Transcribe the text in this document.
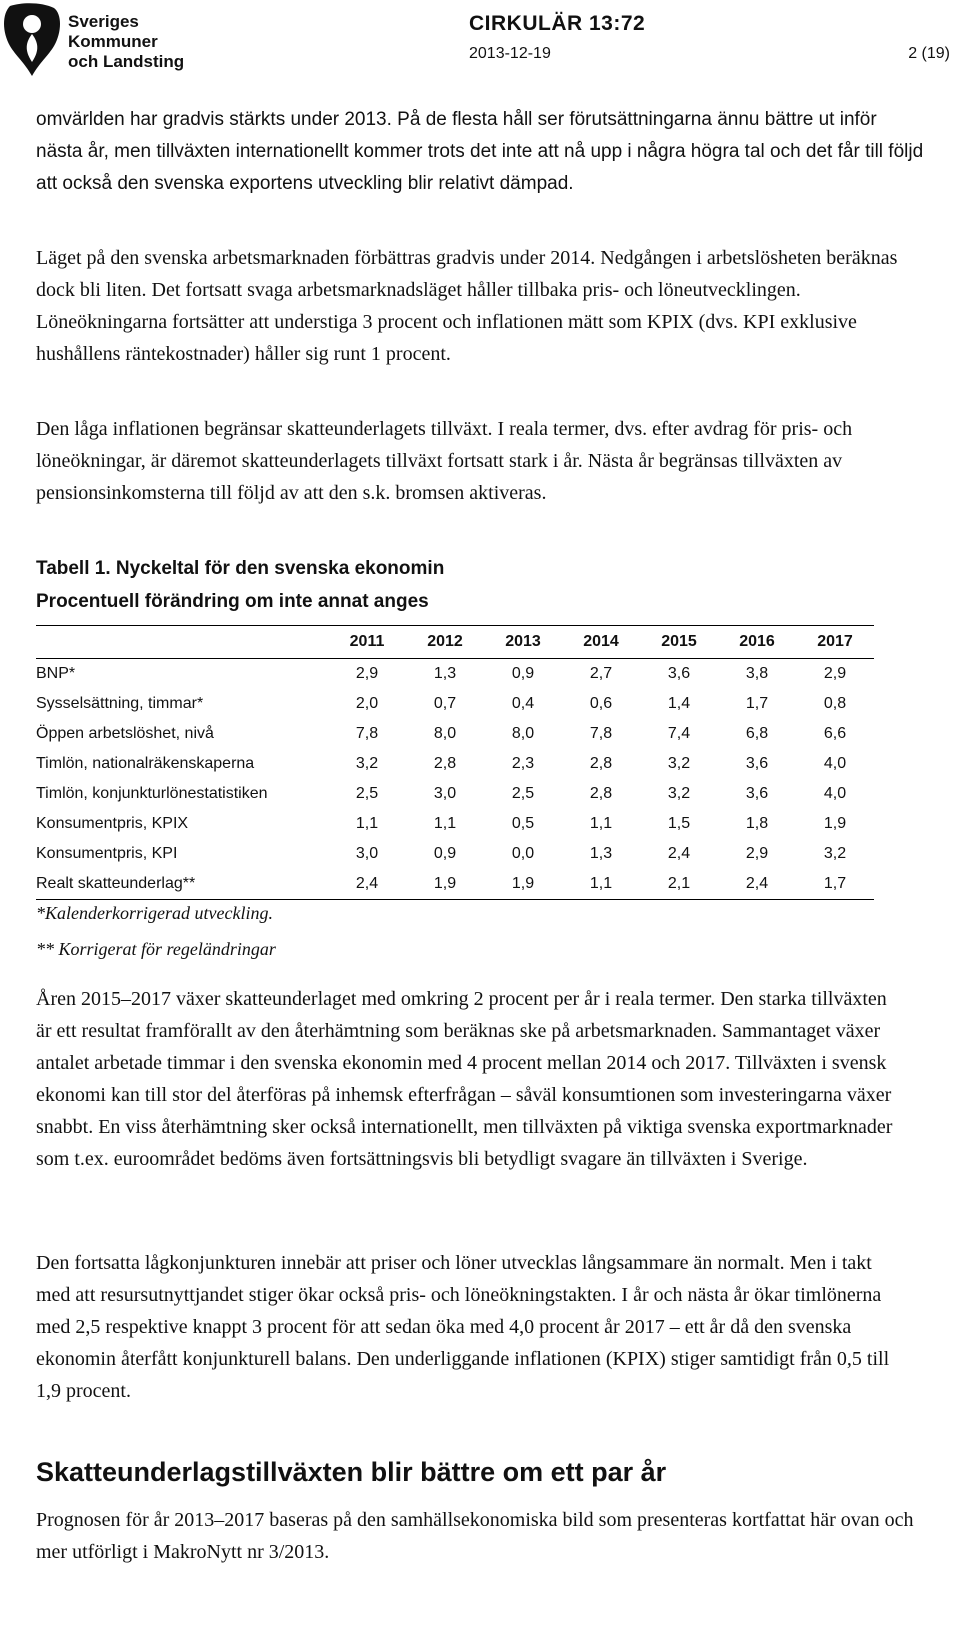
Sveriges
Kommuner
och Landsting
CIRKULÄR 13:72
2013-12-19	2 (19)

omvärlden har gradvis stärkts under 2013. På de flesta håll ser förutsättningarna ännu bättre ut inför nästa år, men tillväxten internationellt kommer trots det inte att nå upp i några högra tal och det får till följd att också den svenska exportens utveckling blir relativt dämpad.

Läget på den svenska arbetsmarknaden förbättras gradvis under 2014. Nedgången i arbetslösheten beräknas dock bli liten. Det fortsatt svaga arbetsmarknadsläget håller tillbaka pris- och löneutvecklingen. Löneökningarna fortsätter att understiga 3 procent och inflationen mätt som KPIX (dvs. KPI exklusive hushållens räntekostnader) håller sig runt 1 procent.

Den låga inflationen begränsar skatteunderlagets tillväxt. I reala termer, dvs. efter avdrag för pris- och löneökningar, är däremot skatteunderlagets tillväxt fortsatt stark i år. Nästa år begränsas tillväxten av pensionsinkomsterna till följd av att den s.k. bromsen aktiveras.

Tabell 1. Nyckeltal för den svenska ekonomin
Procentuell förändring om inte annat anges
2011	2012	2013	2014	2015	2016	2017
BNP*	2,9	1,3	0,9	2,7	3,6	3,8	2,9
Sysselsättning, timmar*	2,0	0,7	0,4	0,6	1,4	1,7	0,8
Öppen arbetslöshet, nivå	7,8	8,0	8,0	7,8	7,4	6,8	6,6
Timlön, nationalräkenskaperna	3,2	2,8	2,3	2,8	3,2	3,6	4,0
Timlön, konjunkturlönestatistiken	2,5	3,0	2,5	2,8	3,2	3,6	4,0
Konsumentpris, KPIX	1,1	1,1	0,5	1,1	1,5	1,8	1,9
Konsumentpris, KPI	3,0	0,9	0,0	1,3	2,4	2,9	3,2
Realt skatteunderlag**	2,4	1,9	1,9	1,1	2,1	2,4	1,7
*Kalenderkorrigerad utveckling.
** Korrigerat för regeländringar

Åren 2015–2017 växer skatteunderlaget med omkring 2 procent per år i reala termer. Den starka tillväxten är ett resultat framförallt av den återhämtning som beräknas ske på arbetsmarknaden. Sammantaget växer antalet arbetade timmar i den svenska ekonomin med 4 procent mellan 2014 och 2017. Tillväxten i svensk ekonomi kan till stor del återföras på inhemsk efterfrågan – såväl konsumtionen som investeringarna växer snabbt. En viss återhämtning sker också internationellt, men tillväxten på viktiga svenska exportmarknader som t.ex. euroområdet bedöms även fortsättningsvis bli betydligt svagare än tillväxten i Sverige.

Den fortsatta lågkonjunkturen innebär att priser och löner utvecklas långsammare än normalt. Men i takt med att resursutnyttjandet stiger ökar också pris- och löneökningstakten. I år och nästa år ökar timlönerna med 2,5 respektive knappt 3 procent för att sedan öka med 4,0 procent år 2017 – ett år då den svenska ekonomin återfått konjunkturell balans. Den underliggande inflationen (KPIX) stiger samtidigt från 0,5 till 1,9 procent.

Skatteunderlagstillväxten blir bättre om ett par år

Prognosen för år 2013–2017 baseras på den samhällsekonomiska bild som presenteras kortfattat här ovan och mer utförligt i MakroNytt nr 3/2013.
